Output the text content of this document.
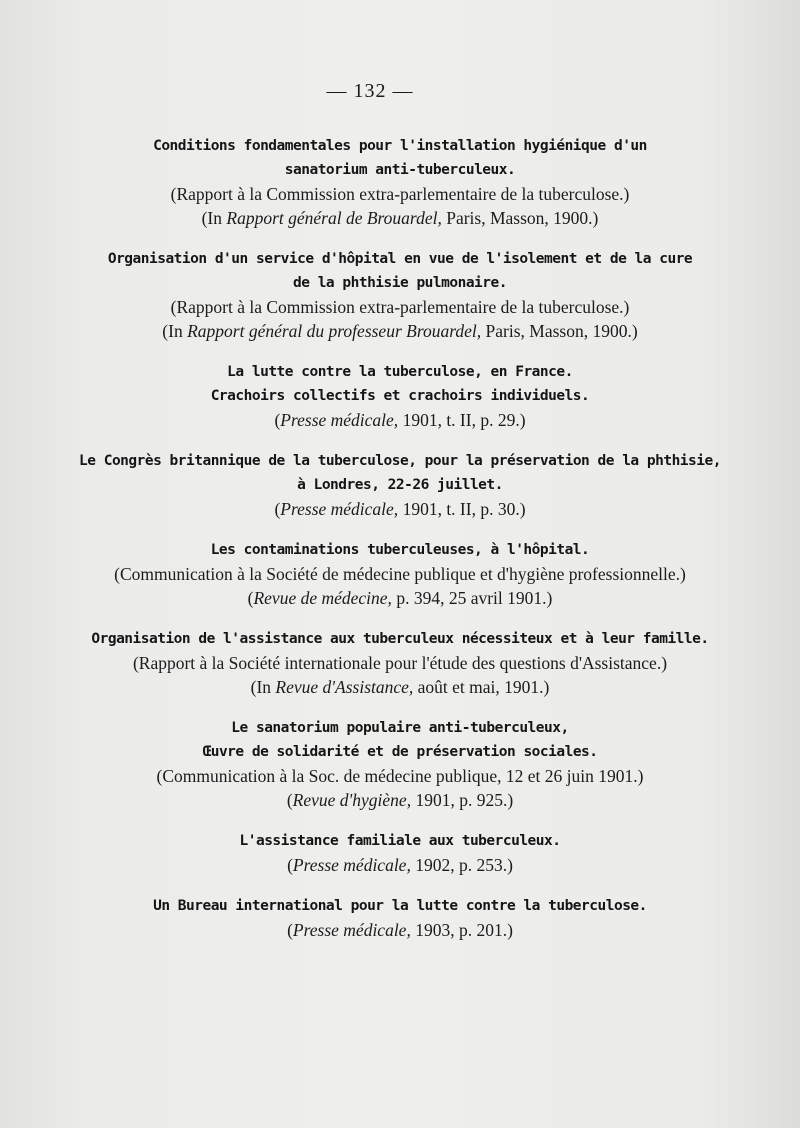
— 132 —
Conditions fondamentales pour l'installation hygiénique d'un
sanatorium anti-tuberculeux.
(Rapport à la Commission extra-parlementaire de la tuberculose.)
(In Rapport général de Brouardel, Paris, Masson, 1900.)
Organisation d'un service d'hôpital en vue de l'isolement et de la cure
de la phthisie pulmonaire.
(Rapport à la Commission extra-parlementaire de la tuberculose.)
(In Rapport général du professeur Brouardel, Paris, Masson, 1900.)
La lutte contre la tuberculose, en France.
Crachoirs collectifs et crachoirs individuels.
(Presse médicale, 1901, t. II, p. 29.)
Le Congrès britannique de la tuberculose, pour la préservation de la phthisie,
à Londres, 22-26 juillet.
(Presse médicale, 1901, t. II, p. 30.)
Les contaminations tuberculeuses, à l'hôpital.
(Communication à la Société de médecine publique et d'hygiène professionnelle.)
(Revue de médecine, p. 394, 25 avril 1901.)
Organisation de l'assistance aux tuberculeux nécessiteux et à leur famille.
(Rapport à la Société internationale pour l'étude des questions d'Assistance.)
(In Revue d'Assistance, août et mai, 1901.)
Le sanatorium populaire anti-tuberculeux,
Œuvre de solidarité et de préservation sociales.
(Communication à la Soc. de médecine publique, 12 et 26 juin 1901.)
(Revue d'hygiène, 1901, p. 925.)
L'assistance familiale aux tuberculeux.
(Presse médicale, 1902, p. 253.)
Un Bureau international pour la lutte contre la tuberculose.
(Presse médicale, 1903, p. 201.)
